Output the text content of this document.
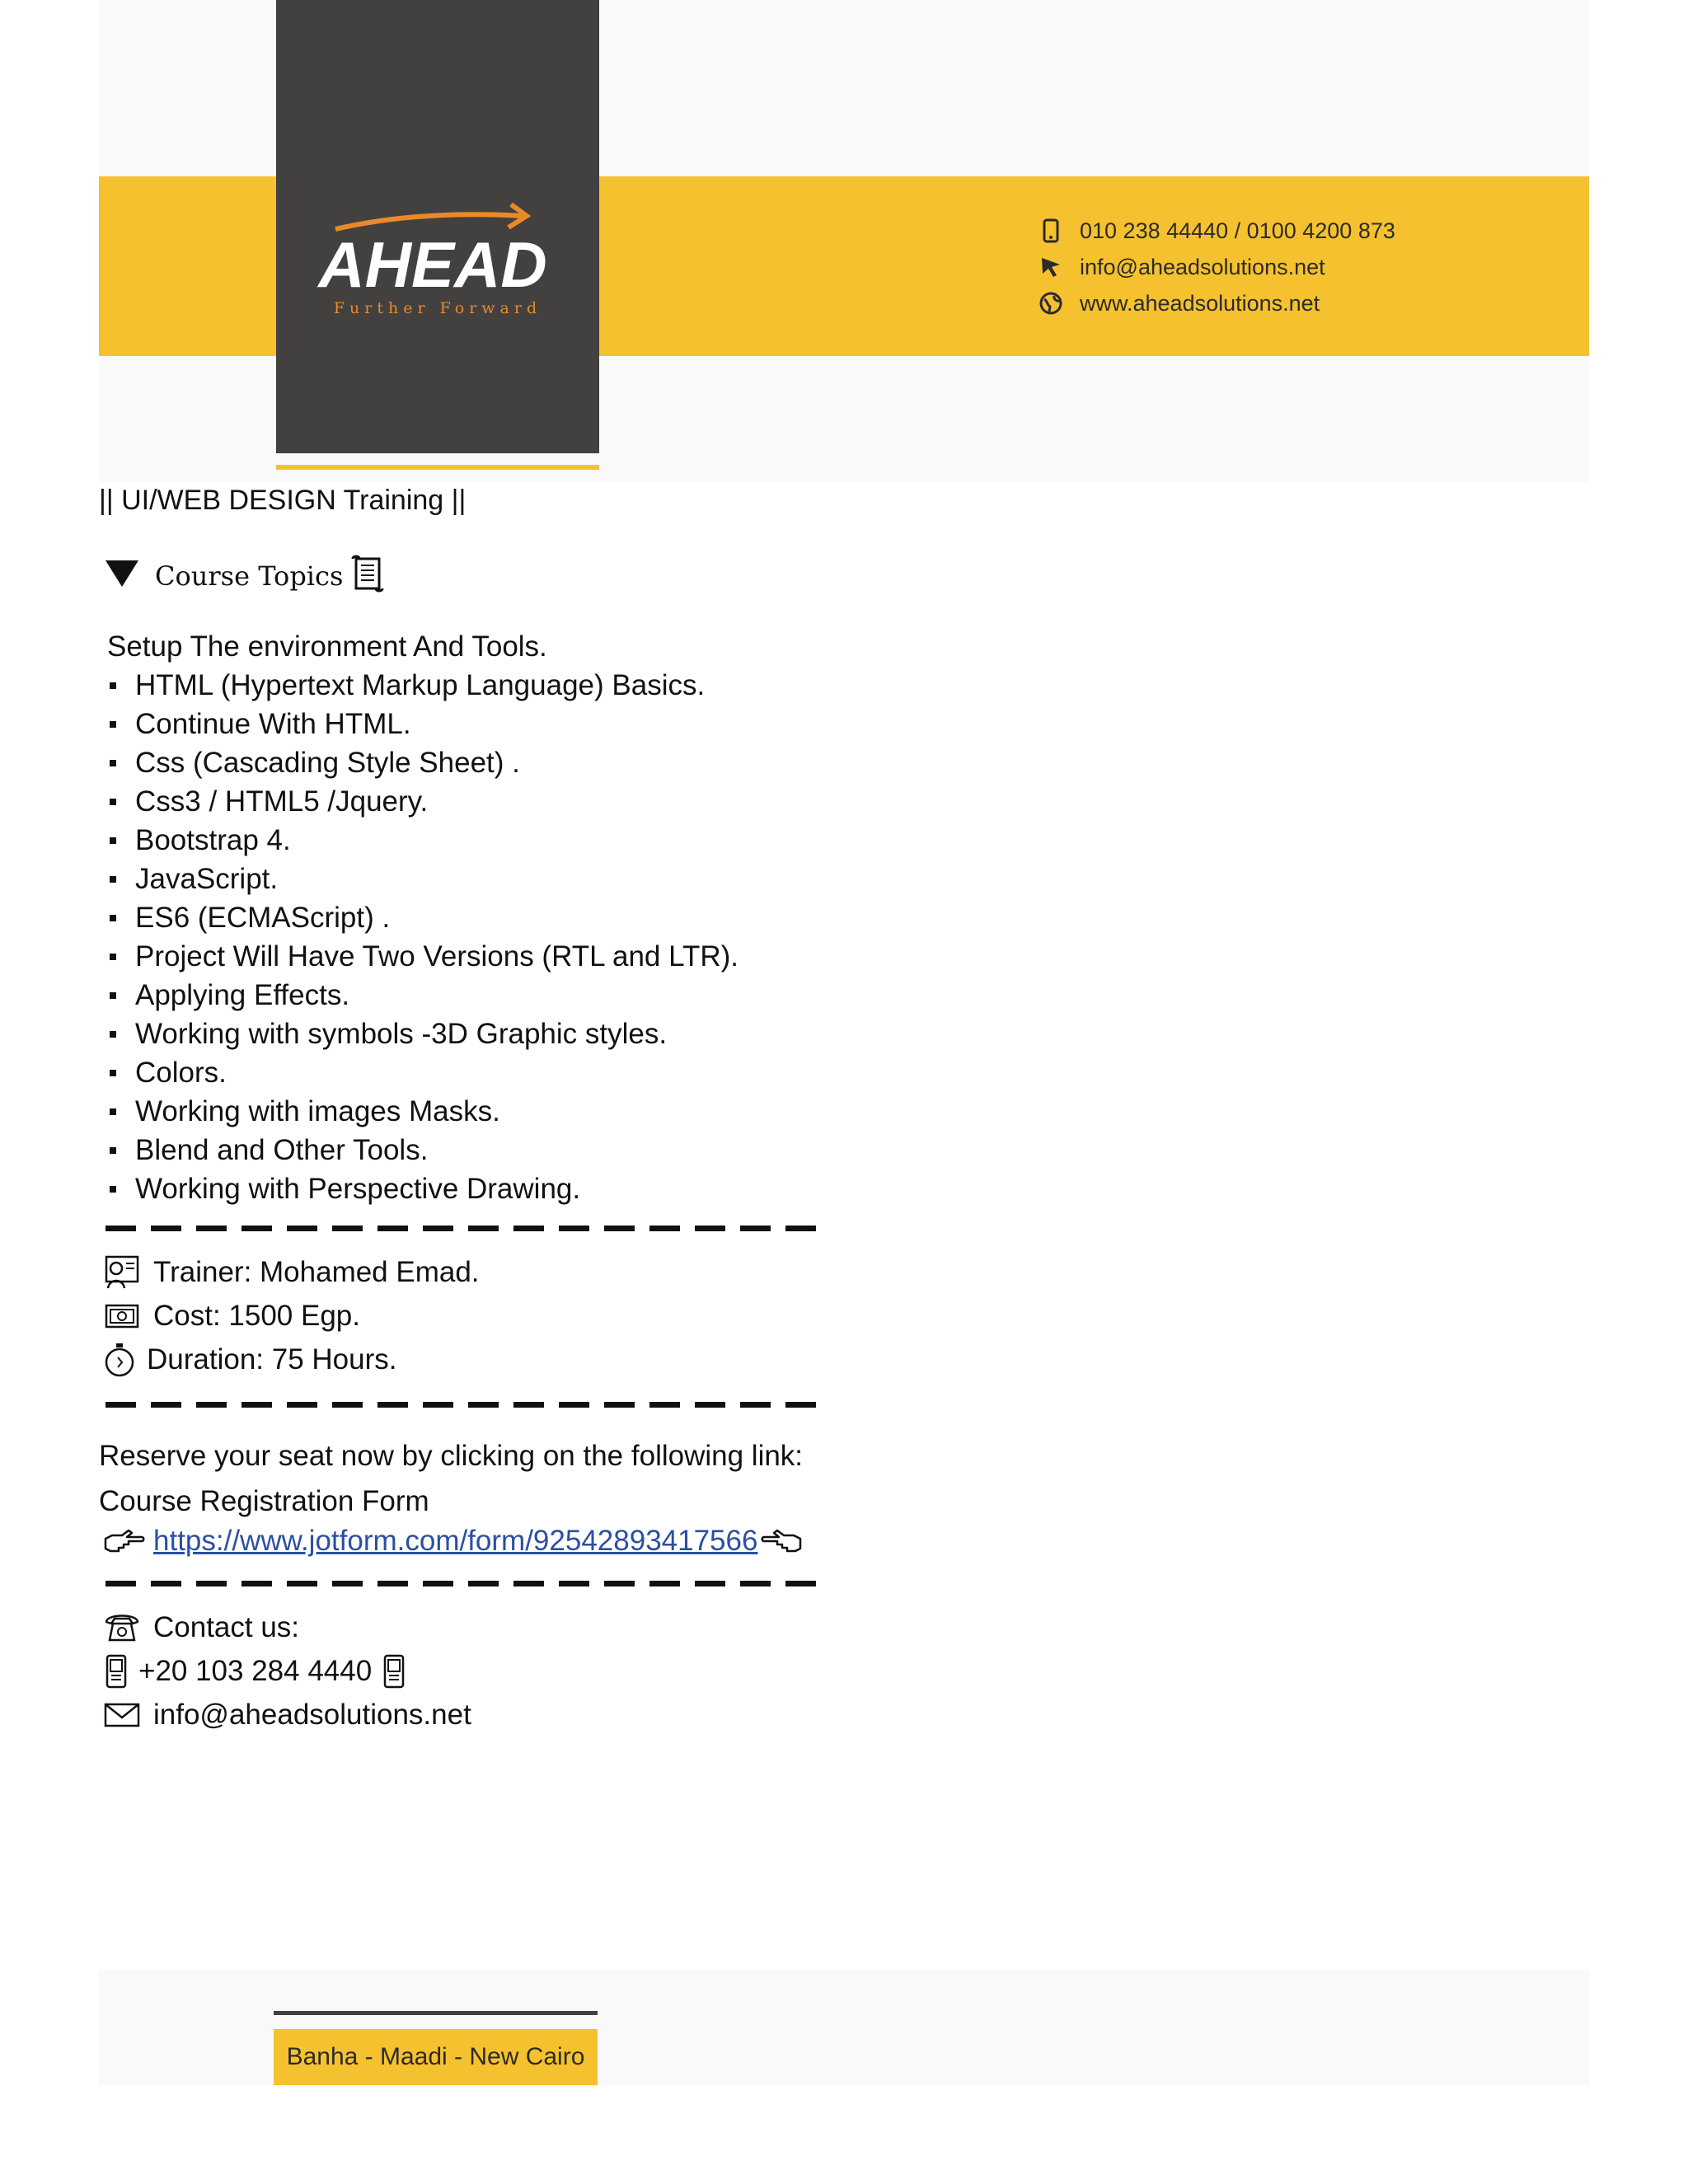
AHEAD
Further Forward
010 238 44440 / 0100 4200 873
info@aheadsolutions.net
www.aheadsolutions.net
|| UI/WEB DESIGN Training ||
Course Topics
Setup The environment And Tools.
HTML (Hypertext Markup Language) Basics.
Continue With HTML.
Css (Cascading Style Sheet) .
Css3 / HTML5 /Jquery.
Bootstrap 4.
JavaScript.
ES6 (ECMAScript) .
Project Will Have Two Versions (RTL and LTR).
Applying Effects.
Working with symbols -3D Graphic styles.
Colors.
Working with images Masks.
Blend and Other Tools.
Working with Perspective Drawing.
Trainer: Mohamed Emad.
Cost: 1500 Egp.
Duration: 75 Hours.
Reserve your seat now by clicking on the following link:
Course Registration Form
https://www.jotform.com/form/92542893417566
Contact us:
+20 103 284 4440
info@aheadsolutions.net
Banha - Maadi - New Cairo
